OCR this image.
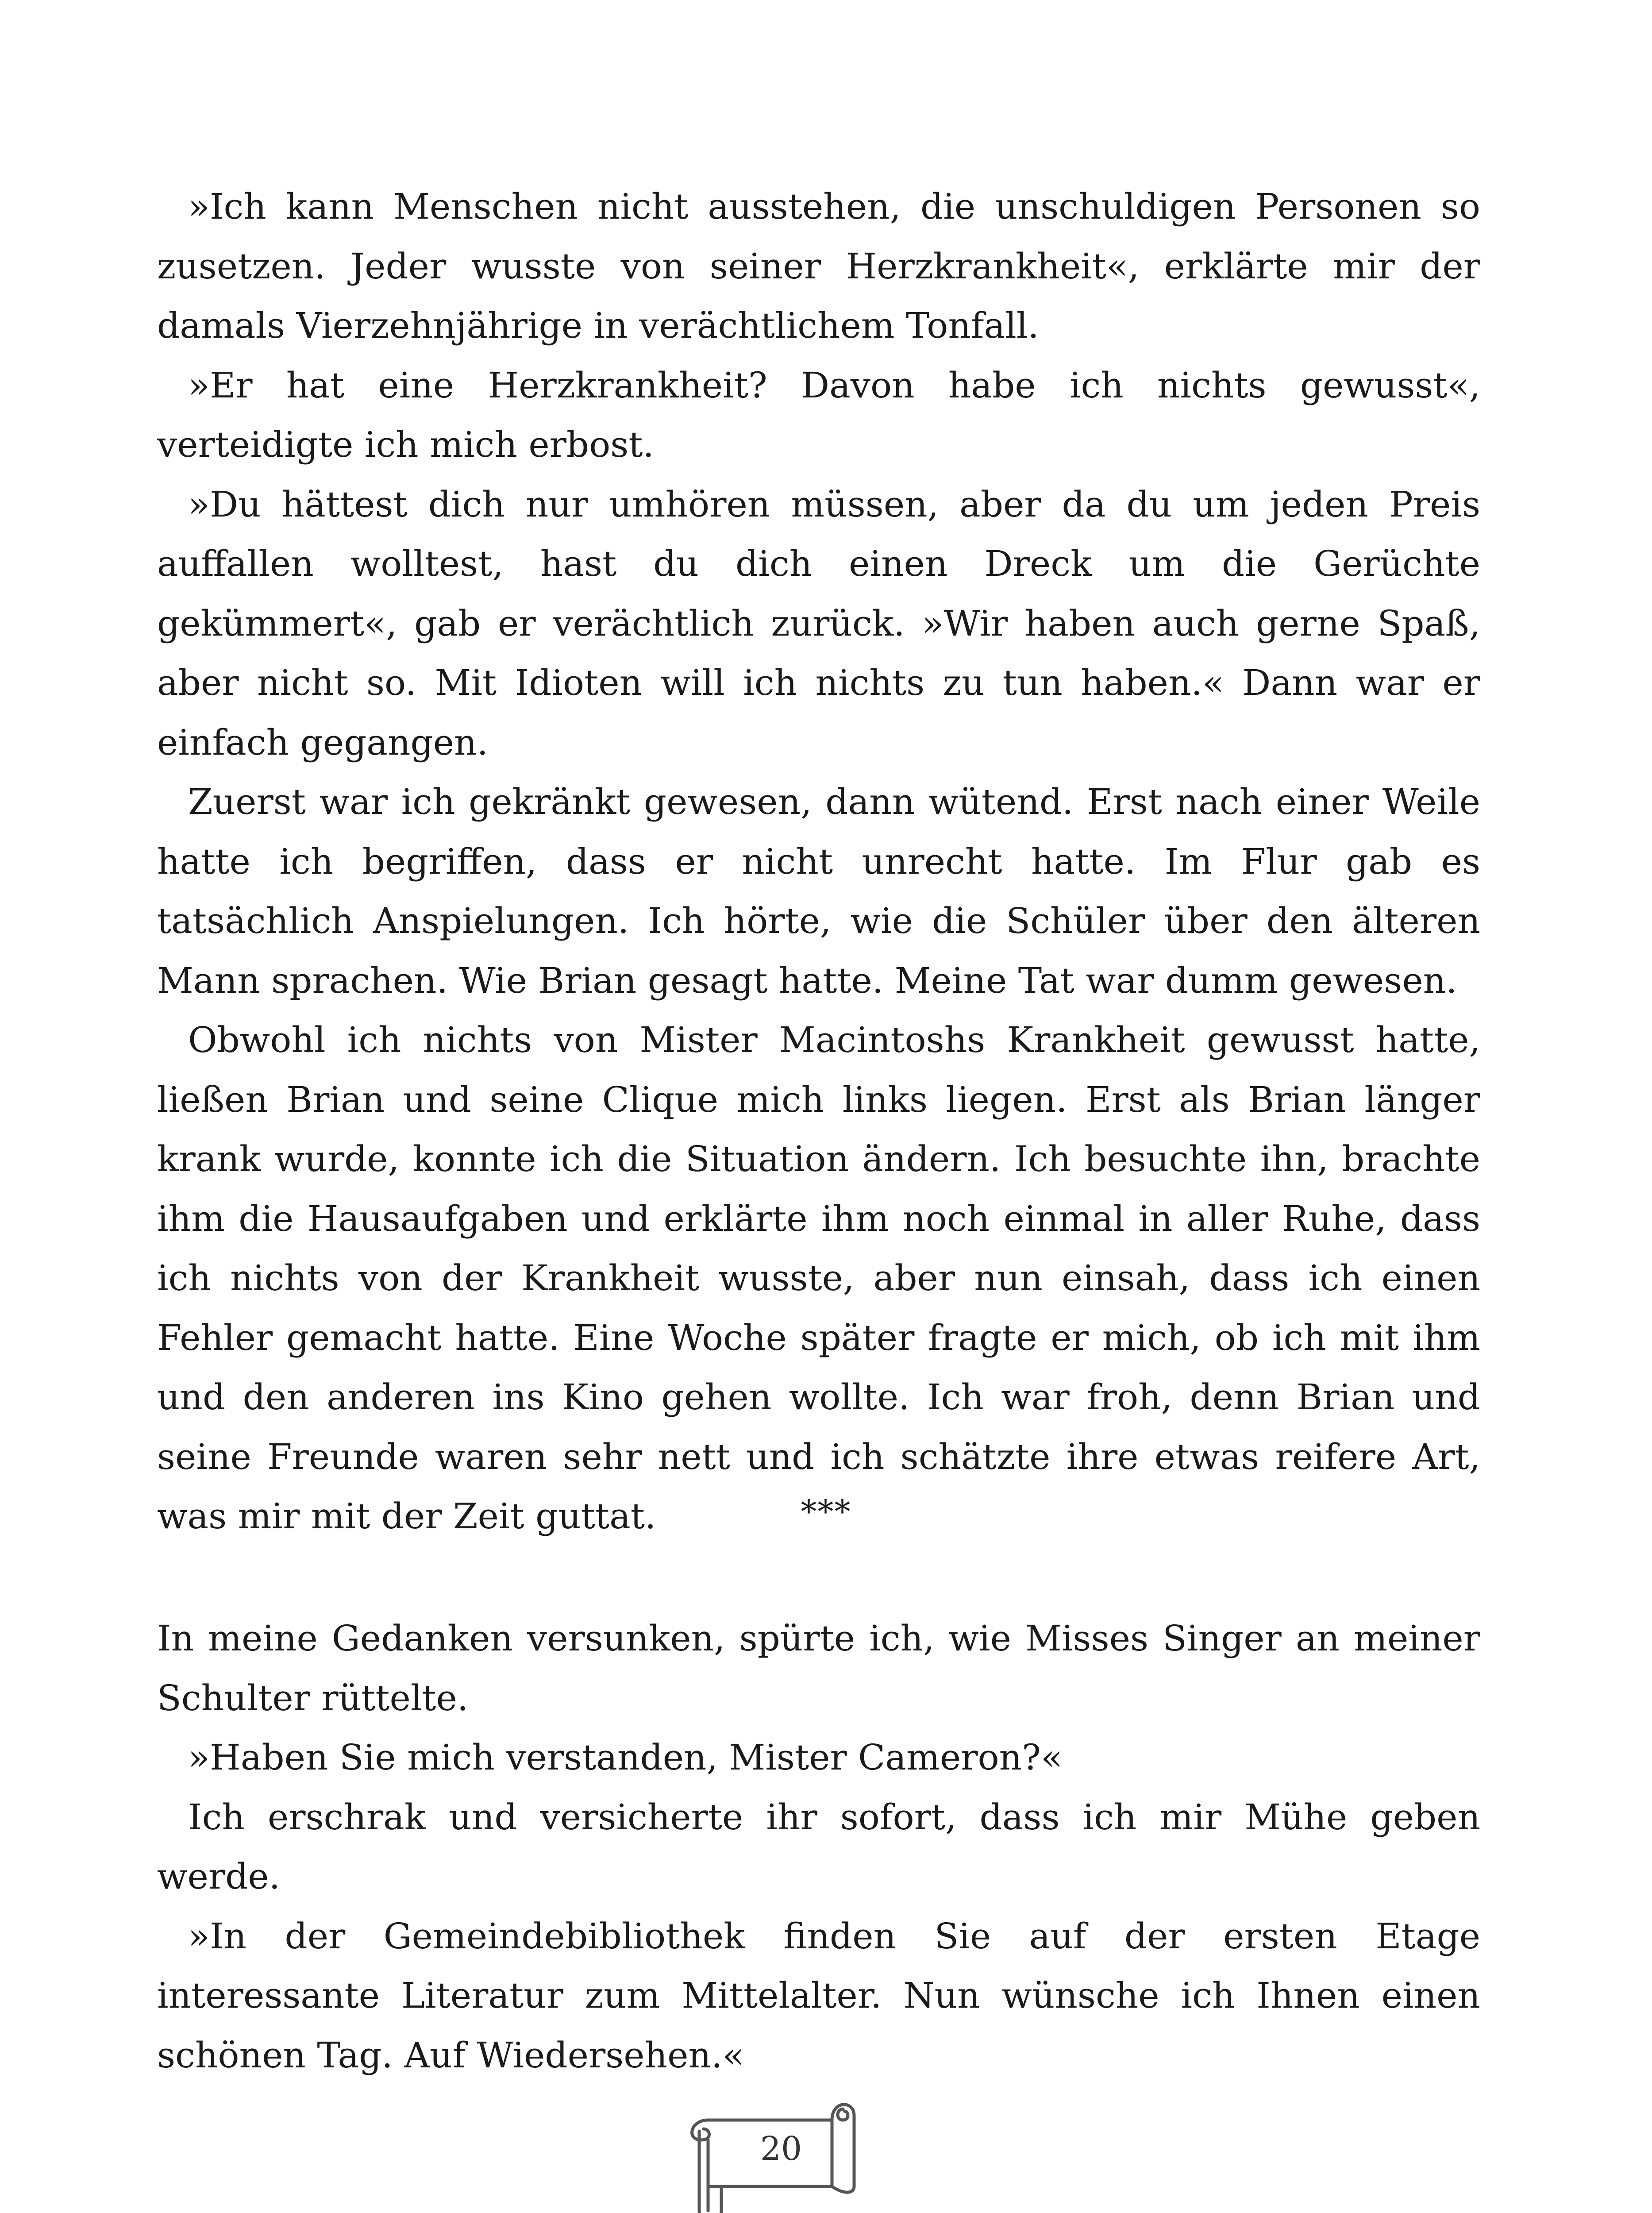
»Ich kann Menschen nicht ausstehen, die unschuldigen Personen so zusetzen. Jeder wusste von seiner Herzkrankheit«, erklärte mir der damals Vierzehnjährige in verächtlichem Tonfall.

»Er hat eine Herzkrankheit? Davon habe ich nichts gewusst«, verteidigte ich mich erbost.

»Du hättest dich nur umhören müssen, aber da du um jeden Preis auffallen wolltest, hast du dich einen Dreck um die Gerüchte gekümmert«, gab er verächtlich zurück. »Wir haben auch gerne Spaß, aber nicht so. Mit Idioten will ich nichts zu tun haben.« Dann war er einfach gegangen.

Zuerst war ich gekränkt gewesen, dann wütend. Erst nach einer Weile hatte ich begriffen, dass er nicht unrecht hatte. Im Flur gab es tatsächlich Anspielungen. Ich hörte, wie die Schüler über den älteren Mann sprachen. Wie Brian gesagt hatte. Meine Tat war dumm gewesen.

Obwohl ich nichts von Mister Macintoshs Krankheit gewusst hatte, ließen Brian und seine Clique mich links liegen. Erst als Brian länger krank wurde, konnte ich die Situation ändern. Ich besuchte ihn, brachte ihm die Hausaufgaben und erklärte ihm noch einmal in aller Ruhe, dass ich nichts von der Krankheit wusste, aber nun einsah, dass ich einen Fehler gemacht hatte. Eine Woche später fragte er mich, ob ich mit ihm und den anderen ins Kino gehen wollte. Ich war froh, denn Brian und seine Freunde waren sehr nett und ich schätzte ihre etwas reifere Art, was mir mit der Zeit guttat.	***

In meine Gedanken versunken, spürte ich, wie Misses Singer an meiner Schulter rüttelte.

»Haben Sie mich verstanden, Mister Cameron?«

Ich erschrak und versicherte ihr sofort, dass ich mir Mühe geben werde.

»In der Gemeindebibliothek finden Sie auf der ersten Etage interessante Literatur zum Mittelalter. Nun wünsche ich Ihnen einen schönen Tag. Auf Wiedersehen.«

20
